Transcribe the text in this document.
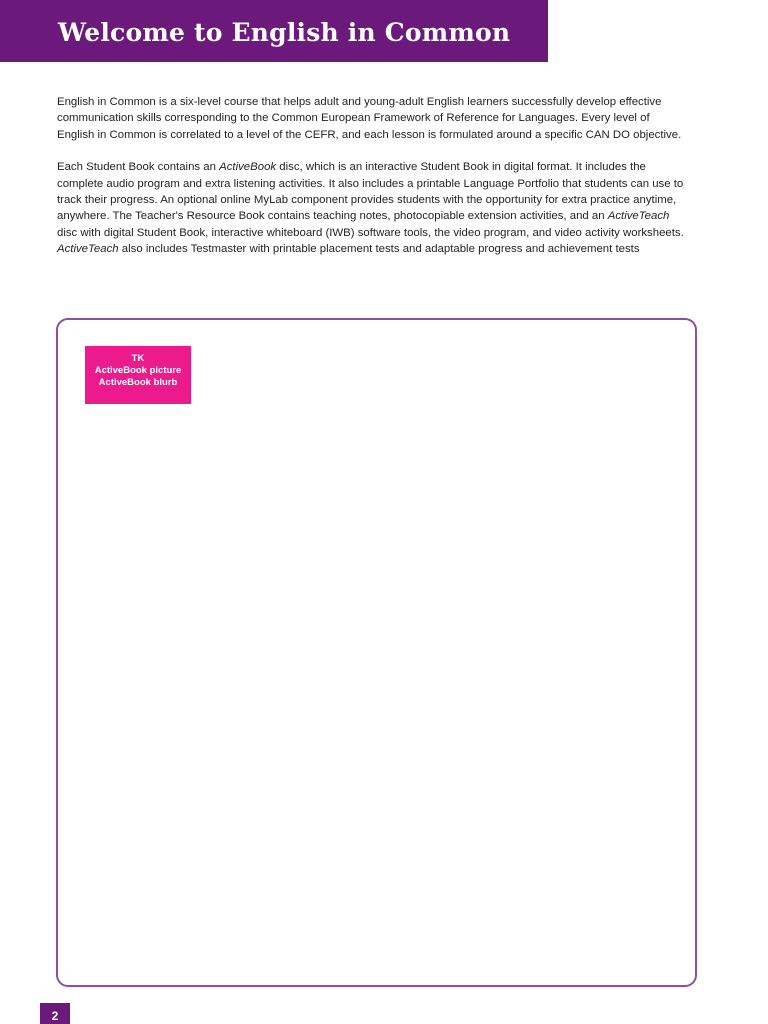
Welcome to English in Common

English in Common is a six-level course that helps adult and young-adult English learners successfully develop effective communication skills corresponding to the Common European Framework of Reference for Languages. Every level of English in Common is correlated to a level of the CEFR, and each lesson is formulated around a specific CAN DO objective.

Each Student Book contains an ActiveBook disc, which is an interactive Student Book in digital format. It includes the complete audio program and extra listening activities. It also includes a printable Language Portfolio that students can use to track their progress. An optional online MyLab component provides students with the opportunity for extra practice anytime, anywhere. The Teacher's Resource Book contains teaching notes, photocopiable extension activities, and an ActiveTeach disc with digital Student Book, interactive whiteboard (IWB) software tools, the video program, and video activity worksheets. ActiveTeach also includes Testmaster with printable placement tests and adaptable progress and achievement tests

TK
ActiveBook picture
ActiveBook blurb
2
